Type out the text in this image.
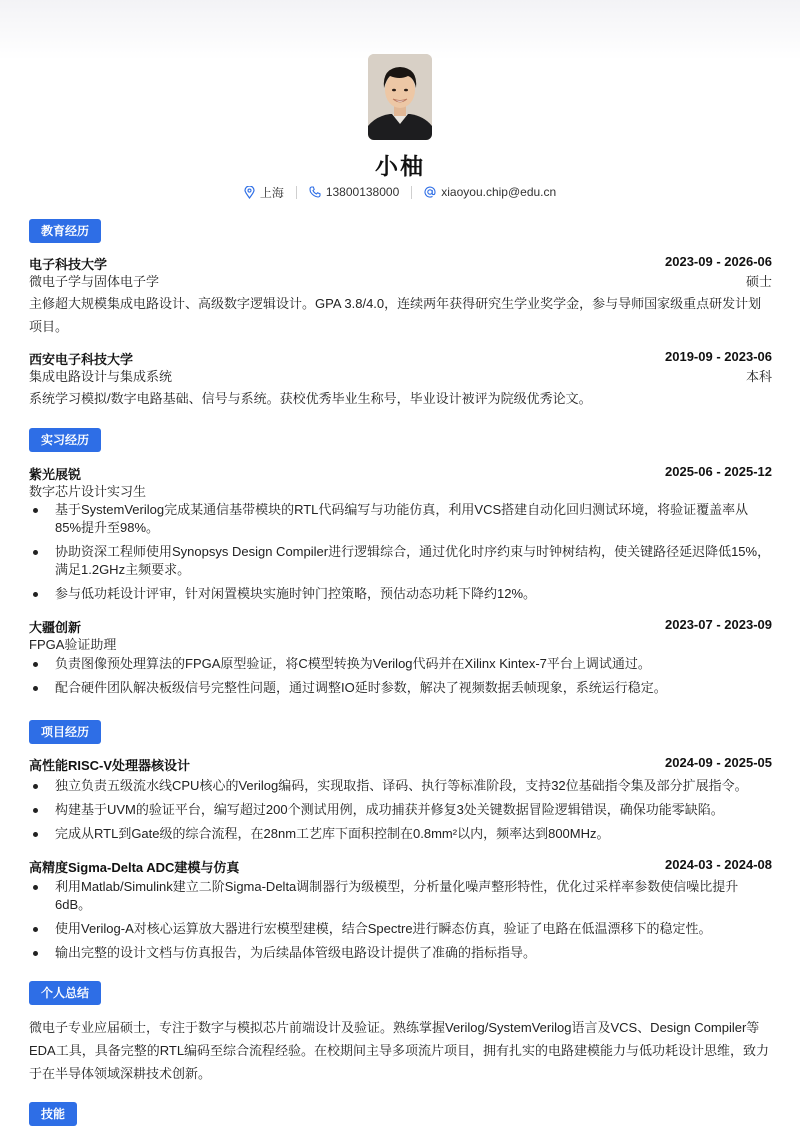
小柚
上海	13800138000	xiaoyou.chip@edu.cn
教育经历
电子科技大学	2023-09 - 2026-06
微电子学与固体电子学	硕士
主修超大规模集成电路设计、高级数字逻辑设计。GPA 3.8/4.0，连续两年获得研究生学业奖学金，参与导师国家级重点研发计划项目。
西安电子科技大学	2019-09 - 2023-06
集成电路设计与集成系统	本科
系统学习模拟/数字电路基础、信号与系统。获校优秀毕业生称号，毕业设计被评为院级优秀论文。
实习经历
紫光展锐	2025-06 - 2025-12
数字芯片设计实习生
基于SystemVerilog完成某通信基带模块的RTL代码编写与功能仿真，利用VCS搭建自动化回归测试环境，将验证覆盖率从85%提升至98%。
协助资深工程师使用Synopsys Design Compiler进行逻辑综合，通过优化时序约束与时钟树结构，使关键路径延迟降低15%，满足1.2GHz主频要求。
参与低功耗设计评审，针对闲置模块实施时钟门控策略，预估动态功耗下降约12%。
大疆创新	2023-07 - 2023-09
FPGA验证助理
负责图像预处理算法的FPGA原型验证，将C模型转换为Verilog代码并在Xilinx Kintex-7平台上调试通过。
配合硬件团队解决板级信号完整性问题，通过调整IO延时参数，解决了视频数据丢帧现象，系统运行稳定。
项目经历
高性能RISC-V处理器核设计	2024-09 - 2025-05
独立负责五级流水线CPU核心的Verilog编码，实现取指、译码、执行等标准阶段，支持32位基础指令集及部分扩展指令。
构建基于UVM的验证平台，编写超过200个测试用例，成功捕获并修复3处关键数据冒险逻辑错误，确保功能零缺陷。
完成从RTL到Gate级的综合流程，在28nm工艺库下面积控制在0.8mm²以内，频率达到800MHz。
高精度Sigma-Delta ADC建模与仿真	2024-03 - 2024-08
利用Matlab/Simulink建立二阶Sigma-Delta调制器行为级模型，分析量化噪声整形特性，优化过采样率参数使信噪比提升6dB。
使用Verilog-A对核心运算放大器进行宏模型建模，结合Spectre进行瞬态仿真，验证了电路在低温漂移下的稳定性。
输出完整的设计文档与仿真报告，为后续晶体管级电路设计提供了准确的指标指导。
个人总结
微电子专业应届硕士，专注于数字与模拟芯片前端设计及验证。熟练掌握Verilog/SystemVerilog语言及VCS、Design Compiler等EDA工具，具备完整的RTL编码至综合流程经验。在校期间主导多项流片项目，拥有扎实的电路建模能力与低功耗设计思维，致力于在半导体领域深耕技术创新。
技能
